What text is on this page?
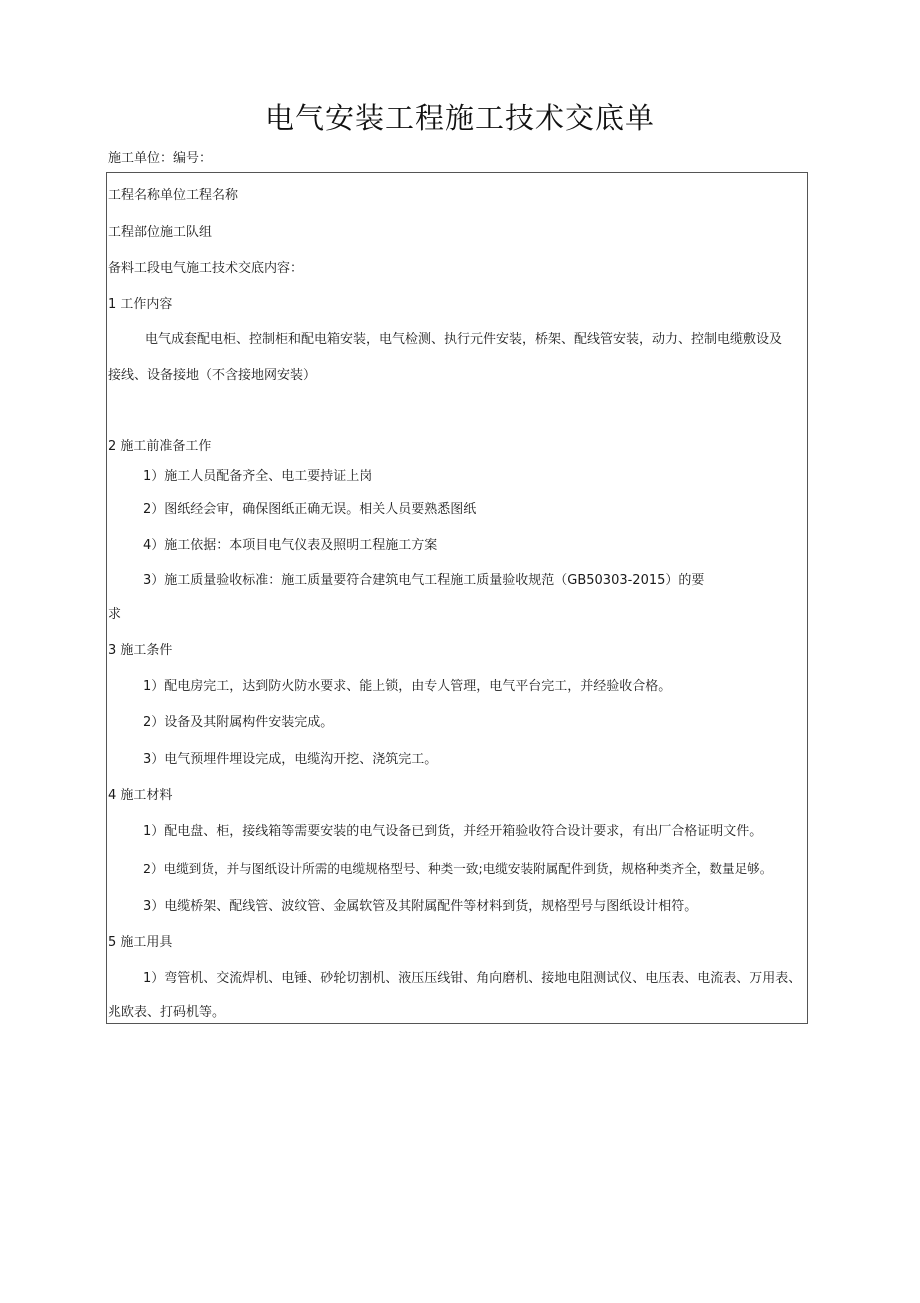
电气安装工程施工技术交底单
施工单位：编号：
工程名称单位工程名称
工程部位施工队组
备料工段电气施工技术交底内容：
1 工作内容
电气成套配电柜、控制柜和配电箱安装，电气检测、执行元件安装，桥架、配线管安装，动力、控制电缆敷设及
接线、设备接地（不含接地网安装）
2 施工前准备工作
1）施工人员配备齐全、电工要持证上岗
2）图纸经会审，确保图纸正确无误。相关人员要熟悉图纸
4）施工依据：本项目电气仪表及照明工程施工方案
3）施工质量验收标准：施工质量要符合建筑电气工程施工质量验收规范（GB50303-2015）的要
求
3 施工条件
1）配电房完工，达到防火防水要求、能上锁，由专人管理，电气平台完工，并经验收合格。
2）设备及其附属构件安装完成。
3）电气预埋件埋设完成，电缆沟开挖、浇筑完工。
4 施工材料
1）配电盘、柜，接线箱等需要安装的电气设备已到货，并经开箱验收符合设计要求，有出厂合格证明文件。
2）电缆到货，并与图纸设计所需的电缆规格型号、种类一致;电缆安装附属配件到货，规格种类齐全，数量足够。
3）电缆桥架、配线管、波纹管、金属软管及其附属配件等材料到货，规格型号与图纸设计相符。
5 施工用具
1）弯管机、交流焊机、电锤、砂轮切割机、液压压线钳、角向磨机、接地电阻测试仪、电压表、电流表、万用表、
兆欧表、打码机等。
